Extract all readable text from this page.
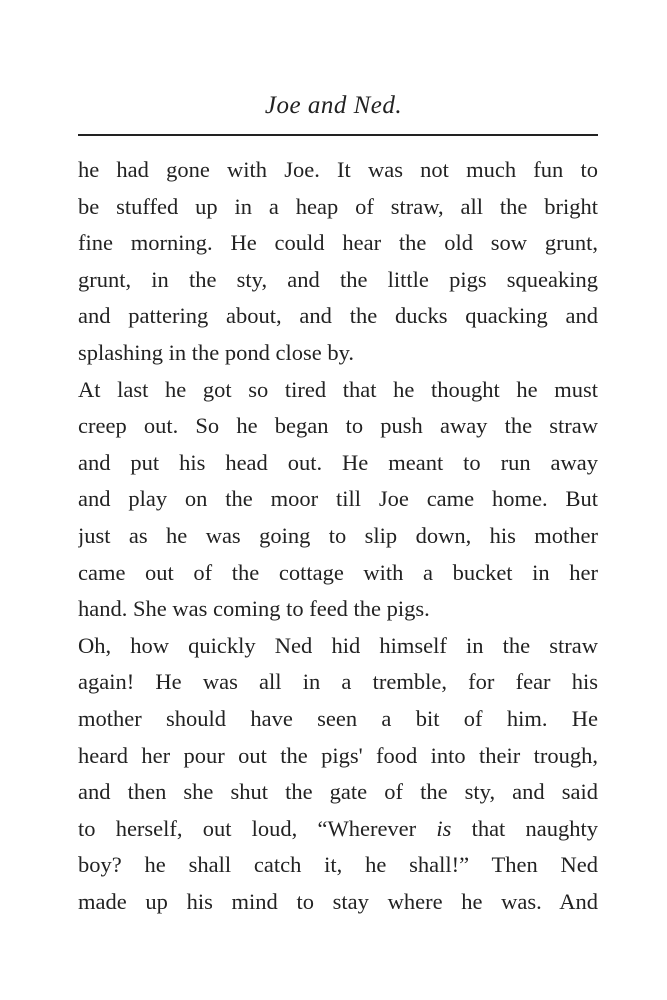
Joe and Ned.
he had gone with Joe. It was not much fun to
be stuffed up in a heap of straw, all the bright
fine morning. He could hear the old sow grunt,
grunt, in the sty, and the little pigs squeaking
and pattering about, and the ducks quacking and
splashing in the pond close by.
At last he got so tired that he thought he must
creep out. So he began to push away the straw
and put his head out. He meant to run away
and play on the moor till Joe came home. But
just as he was going to slip down, his mother
came out of the cottage with a bucket in her
hand. She was coming to feed the pigs.
Oh, how quickly Ned hid himself in the straw
again! He was all in a tremble, for fear his
mother should have seen a bit of him. He
heard her pour out the pigs' food into their trough,
and then she shut the gate of the sty, and said
to herself, out loud, “Wherever is that naughty
boy? he shall catch it, he shall!” Then Ned
made up his mind to stay where he was. And
